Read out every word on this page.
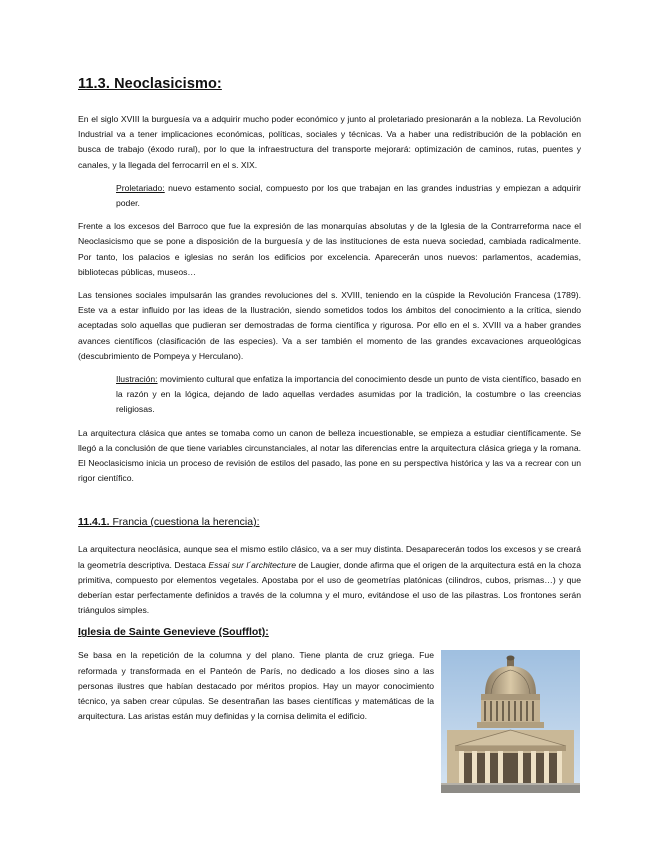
11.3. Neoclasicismo:

En el siglo XVIII la burguesía va a adquirir mucho poder económico y junto al proletariado presionarán a la nobleza. La Revolución Industrial va a tener implicaciones económicas, políticas, sociales y técnicas. Va a haber una redistribución de la población en busca de trabajo (éxodo rural), por lo que la infraestructura del transporte mejorará: optimización de caminos, rutas, puentes y canales, y la llegada del ferrocarril en el s. XIX.

Proletariado: nuevo estamento social, compuesto por los que trabajan en las grandes industrias y empiezan a adquirir poder.

Frente a los excesos del Barroco que fue la expresión de las monarquías absolutas y de la Iglesia de la Contrarreforma nace el Neoclasicismo que se pone a disposición de la burguesía y de las instituciones de esta nueva sociedad, cambiada radicalmente. Por tanto, los palacios e iglesias no serán los edificios por excelencia. Aparecerán unos nuevos: parlamentos, academias, bibliotecas públicas, museos…

Las tensiones sociales impulsarán las grandes revoluciones del s. XVIII, teniendo en la cúspide la Revolución Francesa (1789). Este va a estar influido por las ideas de la Ilustración, siendo sometidos todos los ámbitos del conocimiento a la crítica, siendo aceptadas solo aquellas que pudieran ser demostradas de forma científica y rigurosa. Por ello en el s. XVIII va a haber grandes avances científicos (clasificación de las especies). Va a ser también el momento de las grandes excavaciones arqueológicas (descubrimiento de Pompeya y Herculano).

Ilustración: movimiento cultural que enfatiza la importancia del conocimiento desde un punto de vista científico, basado en la razón y en la lógica, dejando de lado aquellas verdades asumidas por la tradición, la costumbre o las creencias religiosas.

La arquitectura clásica que antes se tomaba como un canon de belleza incuestionable, se empieza a estudiar científicamente. Se llegó a la conclusión de que tiene variables circunstanciales, al notar las diferencias entre la arquitectura clásica griega y la romana. El Neoclasicismo inicia un proceso de revisión de estilos del pasado, las pone en su perspectiva histórica y las va a recrear con un rigor científico.

11.4.1. Francia (cuestiona la herencia):

La arquitectura neoclásica, aunque sea el mismo estilo clásico, va a ser muy distinta. Desaparecerán todos los excesos y se creará la geometría descriptiva. Destaca Essai sur l´architecture de Laugier, donde afirma que el origen de la arquitectura está en la choza primitiva, compuesto por elementos vegetales. Apostaba por el uso de geometrías platónicas (cilindros, cubos, prismas…) y que deberían estar perfectamente definidos a través de la columna y el muro, evitándose el uso de las pilastras. Los frontones serán triángulos simples.

Iglesia de Sainte Genevieve (Soufflot):

Se basa en la repetición de la columna y del plano. Tiene planta de cruz griega. Fue reformada y transformada en el Panteón de París, no dedicado a los dioses sino a las personas ilustres que habían destacado por méritos propios. Hay un mayor conocimiento técnico, ya saben crear cúpulas. Se desentrañan las bases científicas y matemáticas de la arquitectura. Las aristas están muy definidas y la cornisa delimita el edificio.
